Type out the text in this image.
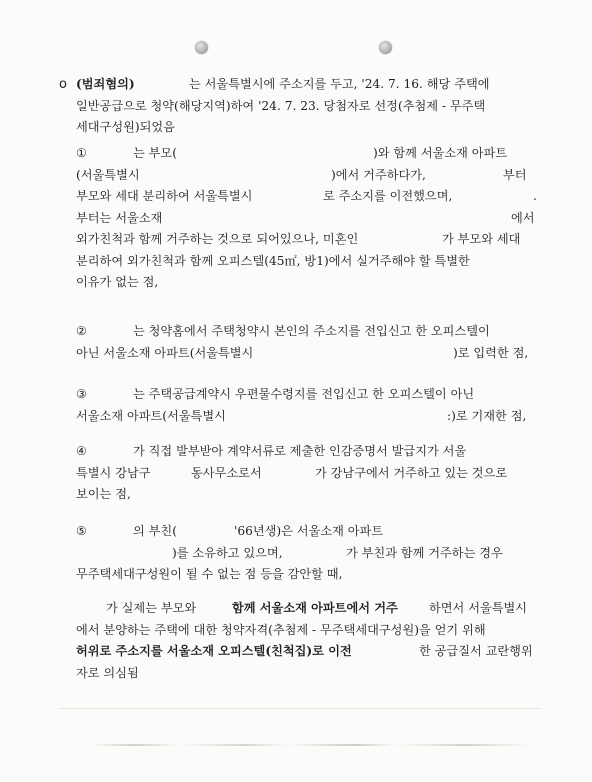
o (범죄혐의)	는 서울특별시에 주소지를 두고, '24. 7. 16. 해당 주택에
일반공급으로 청약(해당지역)하여 '24. 7. 23. 당첨자로 선정(추첨제 - 무주택
세대구성원)되었음
①	는 부모(	)와 함께 서울소재 아파트
(서울특별시	)에서 거주하다가,	부터
부모와 세대 분리하여 서울특별시	로 주소지를 이전했으며,	.
부터는 서울소재	에서
외가친척과 함께 거주하는 것으로 되어있으나, 미혼인	가 부모와 세대
분리하여 외가친척과 함께 오피스텔(45㎡, 방1)에서 실거주해야 할 특별한
이유가 없는 점,
②	는 청약홈에서 주택청약시 본인의 주소지를 전입신고 한 오피스텔이
아닌 서울소재 아파트(서울특별시	)로 입력한 점,
③	는 주택공급계약시 우편물수령지를 전입신고 한 오피스텔이 아닌
서울소재 아파트(서울특별시	:)로 기재한 점,
④	가 직접 발부받아 계약서류로 제출한 인감증명서 발급지가 서울
특별시 강남구	동사무소로서	가 강남구에서 거주하고 있는 것으로
보이는 점,
⑤	의 부친(	'66년생)은 서울소재 아파트
)를 소유하고 있으며,	가 부친과 함께 거주하는 경우
무주택세대구성원이 될 수 없는 점 등을 감안할 때,
가 실제는 부모와	함께 서울소재 아파트에서 거주	하면서 서울특별시
에서 분양하는 주택에 대한 청약자격(추첨제 - 무주택세대구성원)을 얻기 위해
허위로 주소지를 서울소재 오피스텔(친척집)로 이전	한 공급질서 교란행위
자로 의심됨
